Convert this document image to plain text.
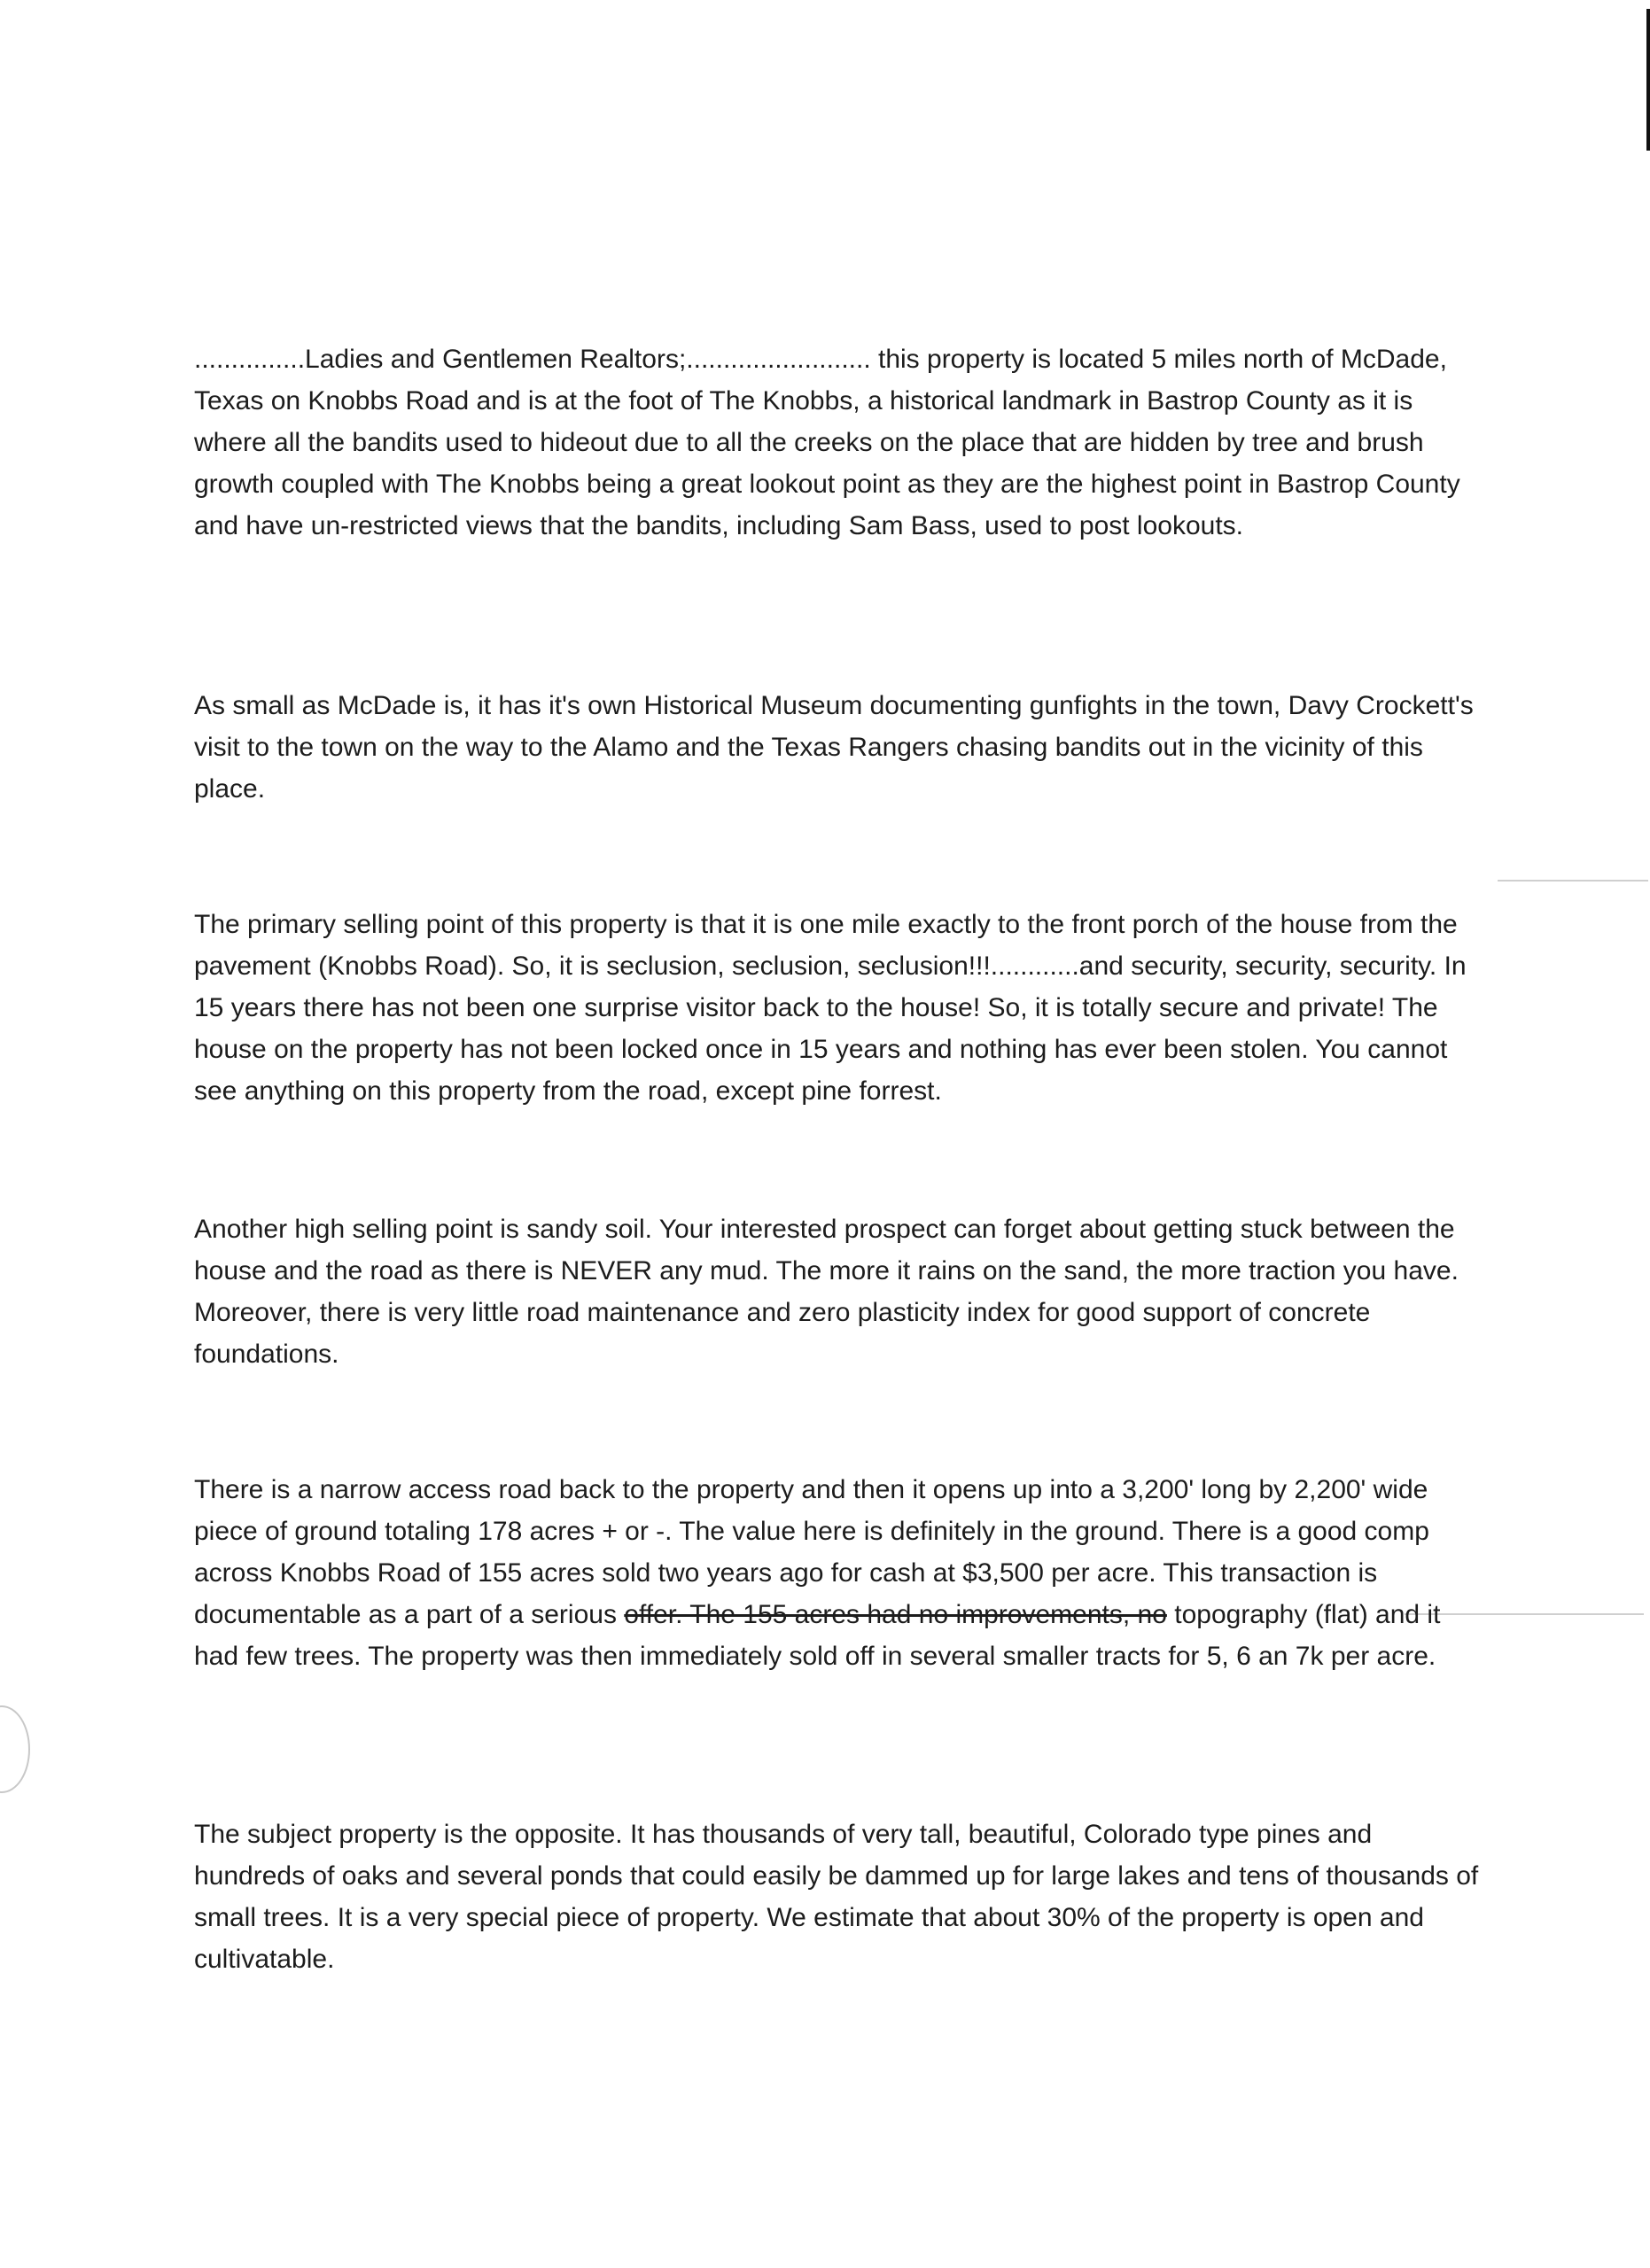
...............Ladies and Gentlemen Realtors;......................... this property is located 5 miles north of McDade, Texas on Knobbs Road and is at the foot of The Knobbs, a historical landmark in Bastrop County as it is where all the bandits used to hideout due to all the creeks on the place that are hidden by tree and brush growth coupled with The Knobbs being a great lookout point as they are the highest point in Bastrop County and have un-restricted views that the bandits, including Sam Bass, used to post lookouts.

As small as McDade is, it has it's own Historical Museum documenting gunfights in the town, Davy Crockett's visit to the town on the way to the Alamo and the Texas Rangers chasing bandits out in the vicinity of this place.

The primary selling point of this property is that it is one mile exactly to the front porch of the house from the pavement (Knobbs Road). So, it is seclusion, seclusion, seclusion!!!............and security, security, security. In 15 years there has not been one surprise visitor back to the house! So, it is totally secure and private! The house on the property has not been locked once in 15 years and nothing has ever been stolen. You cannot see anything on this property from the road, except pine forrest.

Another high selling point is sandy soil. Your interested prospect can forget about getting stuck between the house and the road as there is NEVER any mud. The more it rains on the sand, the more traction you have. Moreover, there is very little road maintenance and zero plasticity index for good support of concrete foundations.

There is a narrow access road back to the property and then it opens up into a 3,200' long by 2,200' wide piece of ground totaling 178 acres + or -. The value here is definitely in the ground. There is a good comp across Knobbs Road of 155 acres sold two years ago for cash at $3,500 per acre. This transaction is documentable as a part of a serious offer. The 155 acres had no improvements, no topography (flat) and it had few trees. The property was then immediately sold off in several smaller tracts for 5, 6 an 7k per acre.

The subject property is the opposite. It has thousands of very tall, beautiful, Colorado type pines and hundreds of oaks and several ponds that could easily be dammed up for large lakes and tens of thousands of small trees. It is a very special piece of property. We estimate that about 30% of the property is open and cultivatable.
